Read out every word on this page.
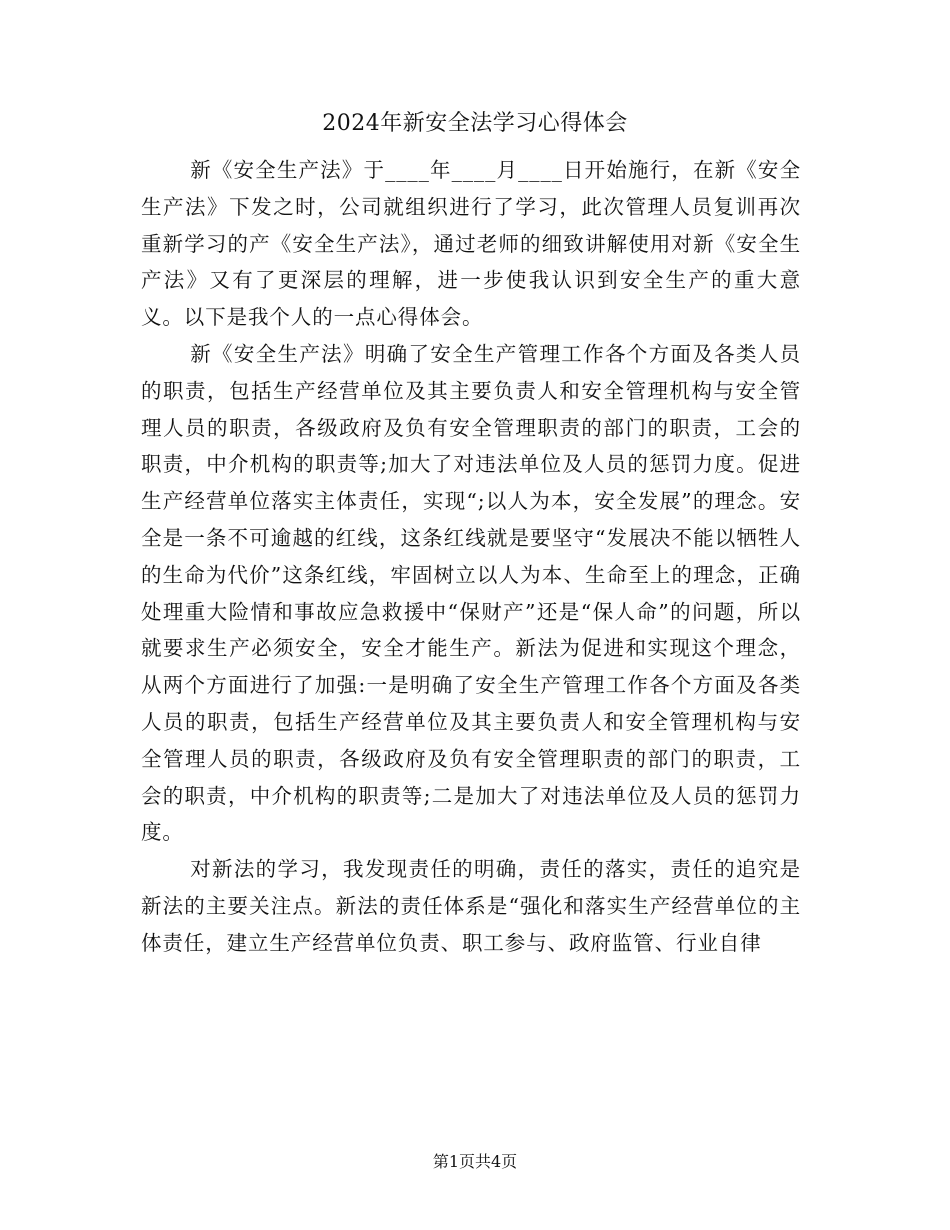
2024年新安全法学习心得体会

新《安全生产法》于____年____月____日开始施行，在新《安全生产法》下发之时，公司就组织进行了学习，此次管理人员复训再次重新学习的产《安全生产法》，通过老师的细致讲解使用对新《安全生产法》又有了更深层的理解，进一步使我认识到安全生产的重大意义。以下是我个人的一点心得体会。

新《安全生产法》明确了安全生产管理工作各个方面及各类人员的职责，包括生产经营单位及其主要负责人和安全管理机构与安全管理人员的职责，各级政府及负有安全管理职责的部门的职责，工会的职责，中介机构的职责等;加大了对违法单位及人员的惩罚力度。促进生产经营单位落实主体责任，实现“;以人为本，安全发展”的理念。安全是一条不可逾越的红线，这条红线就是要坚守“发展决不能以牺牲人的生命为代价”这条红线，牢固树立以人为本、生命至上的理念，正确处理重大险情和事故应急救援中“保财产”还是“保人命”的问题，所以就要求生产必须安全，安全才能生产。新法为促进和实现这个理念，从两个方面进行了加强:一是明确了安全生产管理工作各个方面及各类人员的职责，包括生产经营单位及其主要负责人和安全管理机构与安全管理人员的职责，各级政府及负有安全管理职责的部门的职责，工会的职责，中介机构的职责等;二是加大了对违法单位及人员的惩罚力度。

对新法的学习，我发现责任的明确，责任的落实，责任的追究是新法的主要关注点。新法的责任体系是“强化和落实生产经营单位的主体责任，建立生产经营单位负责、职工参与、政府监管、行业自律

第1页共4页
